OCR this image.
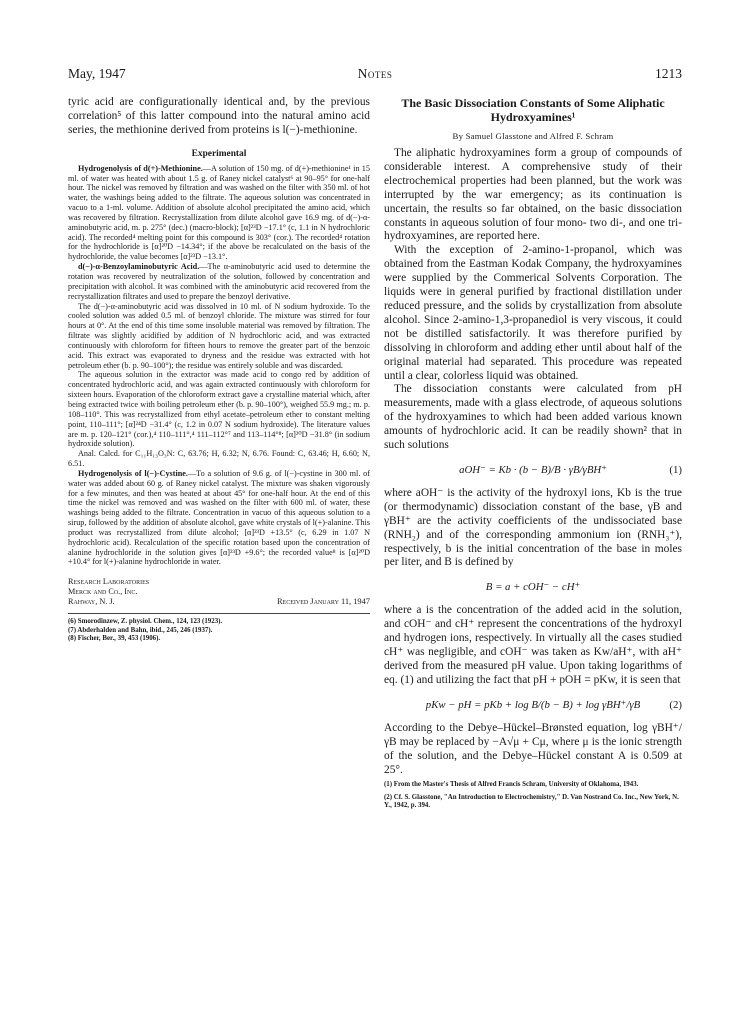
May, 1947	Notes	1213

tyric acid are configurationally identical and, by the previous correlation⁵ of this latter compound into the natural amino acid series, the methionine derived from proteins is l(−)-methionine.

Experimental

Hydrogenolysis of d(+)-Methionine.—A solution of 150 mg. of d(+)-methionine¹ in 15 ml. of water was heated with about 1.5 g. of Raney nickel catalyst⁶ at 90–95° for one-half hour. The nickel was removed by filtration and was washed on the filter with 350 ml. of hot water, the washings being added to the filtrate. The aqueous solution was concentrated in vacuo to a 1-ml. volume. Addition of absolute alcohol precipitated the amino acid, which was recovered by filtration. Recrystallization from dilute alcohol gave 16.9 mg. of d(−)-α-aminobutyric acid, m. p. 275° (dec.) (macro-block); [α]²³D −17.1° (c, 1.1 in N hydrochloric acid). The recorded⁴ melting point for this compound is 303° (cor.). The recorded⁴ rotation for the hydrochloride is [α]²⁰D −14.34°; if the above be recalculated on the basis of the hydrochloride, the value becomes [α]²³D −13.1°.

d(−)-α-Benzoylaminobutyric Acid.—The α-aminobutyric acid used to determine the rotation was recovered by neutralization of the solution, followed by concentration and precipitation with alcohol. It was combined with the aminobutyric acid recovered from the recrystallization filtrates and used to prepare the benzoyl derivative.

The d(−)-α-aminobutyric acid was dissolved in 10 ml. of N sodium hydroxide. To the cooled solution was added 0.5 ml. of benzoyl chloride. The mixture was stirred for four hours at 0°. At the end of this time some insoluble material was removed by filtration. The filtrate was slightly acidified by addition of N hydrochloric acid, and was extracted continuously with chloroform for fifteen hours to remove the greater part of the benzoic acid. This extract was evaporated to dryness and the residue was extracted with hot petroleum ether (b. p. 90–100°); the residue was entirely soluble and was discarded.

The aqueous solution in the extractor was made acid to congo red by addition of concentrated hydrochloric acid, and was again extracted continuously with chloroform for sixteen hours. Evaporation of the chloroform extract gave a crystalline material which, after being extracted twice with boiling petroleum ether (b. p. 90–100°), weighed 55.9 mg.; m. p. 108–110°. This was recrystallized from ethyl acetate–petroleum ether to constant melting point, 110–111°; [α]²⁴D −31.4° (c, 1.2 in 0.07 N sodium hydroxide). The literature values are m. p. 120–121° (cor.),⁴ 110–111°,⁴ 111–112°⁷ and 113–114°⁸; [α]²⁰D −31.8° (in sodium hydroxide solution).

Anal. Calcd. for C₁₁H₁₃O₃N: C, 63.76; H, 6.32; N, 6.76. Found: C, 63.46; H, 6.60; N, 6.51.

Hydrogenolysis of l(−)-Cystine.—To a solution of 9.6 g. of l(−)-cystine in 300 ml. of water was added about 60 g. of Raney nickel catalyst. The mixture was shaken vigorously for a few minutes, and then was heated at about 45° for one-half hour. At the end of this time the nickel was removed and was washed on the filter with 600 ml. of water, these washings being added to the filtrate. Concentration in vacuo of this aqueous solution to a sirup, followed by the addition of absolute alcohol, gave white crystals of l(+)-alanine. This product was recrystallized from dilute alcohol; [α]²³D +13.5° (c, 6.29 in 1.07 N hydrochloric acid). Recalculation of the specific rotation based upon the concentration of alanine hydrochloride in the solution gives [α]²³D +9.6°; the recorded value⁸ is [α]²⁰D +10.4° for l(+)-alanine hydrochloride in water.

Research Laboratories
Merck and Co., Inc.
Rahway, N. J.	Received January 11, 1947
(6) Smorodinzew, Z. physiol. Chem., 124, 123 (1923).
(7) Abderhalden and Bahn, ibid., 245, 246 (1937).
(8) Fischer, Ber., 39, 453 (1906).

The Basic Dissociation Constants of Some Aliphatic Hydroxyamines¹

By Samuel Glasstone and Alfred F. Schram

The aliphatic hydroxyamines form a group of compounds of considerable interest. A comprehensive study of their electrochemical properties had been planned, but the work was interrupted by the war emergency; as its continuation is uncertain, the results so far obtained, on the basic dissociation constants in aqueous solution of four mono- two di-, and one tri-hydroxyamines, are reported here.

With the exception of 2-amino-1-propanol, which was obtained from the Eastman Kodak Company, the hydroxyamines were supplied by the Commerical Solvents Corporation. The liquids were in general purified by fractional distillation under reduced pressure, and the solids by crystallization from absolute alcohol. Since 2-amino-1,3-propanediol is very viscous, it could not be distilled satisfactorily. It was therefore purified by dissolving in chloroform and adding ether until about half of the original material had separated. This procedure was repeated until a clear, colorless liquid was obtained.

The dissociation constants were calculated from pH measurements, made with a glass electrode, of aqueous solutions of the hydroxyamines to which had been added various known amounts of hydrochloric acid. It can be readily shown² that in such solutions

aOH⁻ = Kb · (b − B)/B · γB/γBH⁺	(1)

where aOH⁻ is the activity of the hydroxyl ions, Kb is the true (or thermodynamic) dissociation constant of the base, γB and γBH⁺ are the activity coefficients of the undissociated base (RNH₂) and of the corresponding ammonium ion (RNH₃⁺), respectively, b is the initial concentration of the base in moles per liter, and B is defined by

B = a + cOH⁻ − cH⁺

where a is the concentration of the added acid in the solution, and cOH⁻ and cH⁺ represent the concentrations of the hydroxyl and hydrogen ions, respectively. In virtually all the cases studied cH⁺ was negligible, and cOH⁻ was taken as Kw/aH⁺, with aH⁺ derived from the measured pH value. Upon taking logarithms of eq. (1) and utilizing the fact that pH + pOH = pKw, it is seen that

pKw − pH = pKb + log B/(b − B) + log γBH⁺/γB	(2)

According to the Debye–Hückel–Brønsted equation, log γBH⁺/γB may be replaced by −A√μ + Cμ, where μ is the ionic strength of the solution, and the Debye–Hückel constant A is 0.509 at 25°.

(1) From the Master's Thesis of Alfred Francis Schram, University of Oklahoma, 1943.
(2) Cf. S. Glasstone, "An Introduction to Electrochemistry," D. Van Nostrand Co. Inc., New York, N. Y., 1942, p. 394.
